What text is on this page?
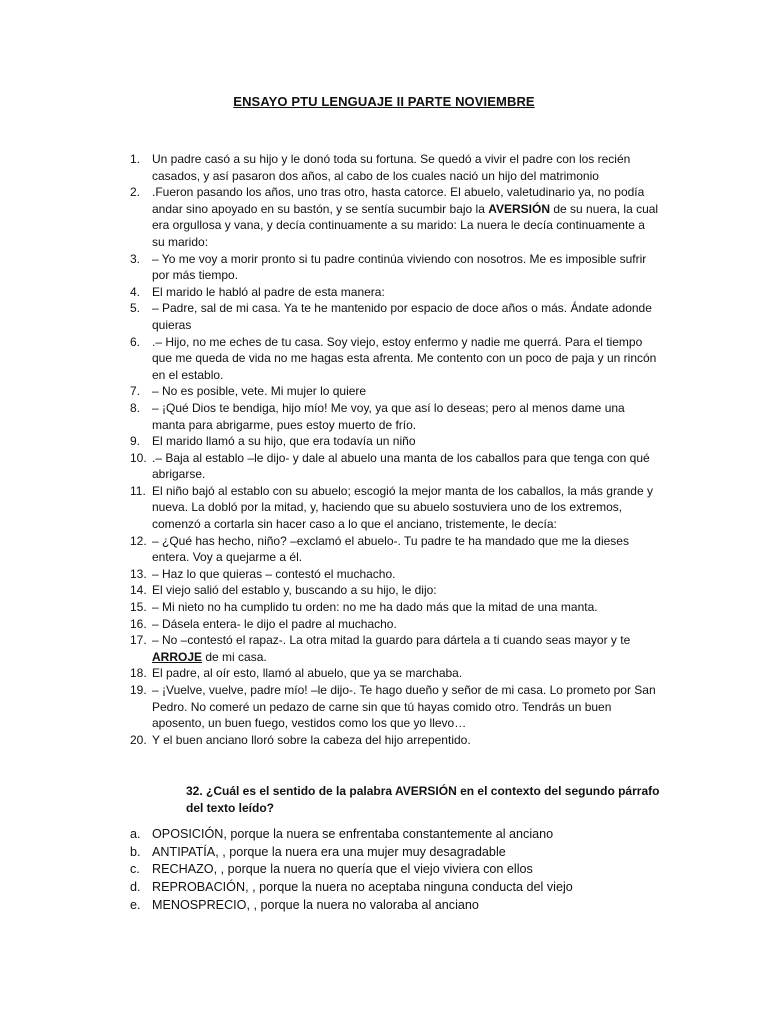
ENSAYO PTU LENGUAJE II PARTE NOVIEMBRE
1. Un padre casó a su hijo y le donó toda su fortuna. Se quedó a vivir el padre con los recién casados, y así pasaron dos años, al cabo de los cuales nació un hijo del matrimonio
2. .Fueron pasando los años, uno tras otro, hasta catorce. El abuelo, valetudinario ya, no podía andar sino apoyado en su bastón, y se sentía sucumbir bajo la AVERSIÓN de su nuera, la cual era orgullosa y vana, y decía continuamente a su marido: La nuera le decía continuamente a su marido:
3. – Yo me voy a morir pronto si tu padre continúa viviendo con nosotros. Me es imposible sufrir por más tiempo.
4. El marido le habló al padre de esta manera:
5. – Padre, sal de mi casa. Ya te he mantenido por espacio de doce años o más. Ándate adonde quieras
6. .– Hijo, no me eches de tu casa. Soy viejo, estoy enfermo y nadie me querrá. Para el tiempo que me queda de vida no me hagas esta afrenta. Me contento con un poco de paja y un rincón en el establo.
7. – No es posible, vete. Mi mujer lo quiere
8. – ¡Qué Dios te bendiga, hijo mío! Me voy, ya que así lo deseas; pero al menos dame una manta para abrigarme, pues estoy muerto de frío.
9. El marido llamó a su hijo, que era todavía un niño
10. .– Baja al establo –le dijo- y dale al abuelo una manta de los caballos para que tenga con qué abrigarse.
11. El niño bajó al establo con su abuelo; escogió la mejor manta de los caballos, la más grande y nueva. La dobló por la mitad, y, haciendo que su abuelo sostuviera uno de los extremos, comenzó a cortarla sin hacer caso a lo que el anciano, tristemente, le decía:
12. – ¿Qué has hecho, niño? –exclamó el abuelo-. Tu padre te ha mandado que me la dieses entera. Voy a quejarme a él.
13. – Haz lo que quieras – contestó el muchacho.
14. El viejo salió del establo y, buscando a su hijo, le dijo:
15. – Mi nieto no ha cumplido tu orden: no me ha dado más que la mitad de una manta.
16. – Dásela entera- le dijo el padre al muchacho.
17. – No –contestó el rapaz-. La otra mitad la guardo para dártela a ti cuando seas mayor y te ARROJE de mi casa.
18. El padre, al oír esto, llamó al abuelo, que ya se marchaba.
19. – ¡Vuelve, vuelve, padre mío! –le dijo-. Te hago dueño y señor de mi casa. Lo prometo por San Pedro. No comeré un pedazo de carne sin que tú hayas comido otro. Tendrás un buen aposento, un buen fuego, vestidos como los que yo llevo…
20. Y el buen anciano lloró sobre la cabeza del hijo arrepentido.
32. ¿Cuál es el sentido de la palabra AVERSIÓN en el contexto del segundo párrafo del texto leído?
a. OPOSICIÓN, porque la nuera se enfrentaba constantemente al anciano
b. ANTIPATÍA, , porque la nuera era una mujer muy desagradable
c. RECHAZO, , porque la nuera no quería que el viejo viviera con ellos
d. REPROBACIÓN, , porque la nuera no aceptaba ninguna conducta del viejo
e. MENOSPRECIO, , porque la nuera no valoraba al anciano
